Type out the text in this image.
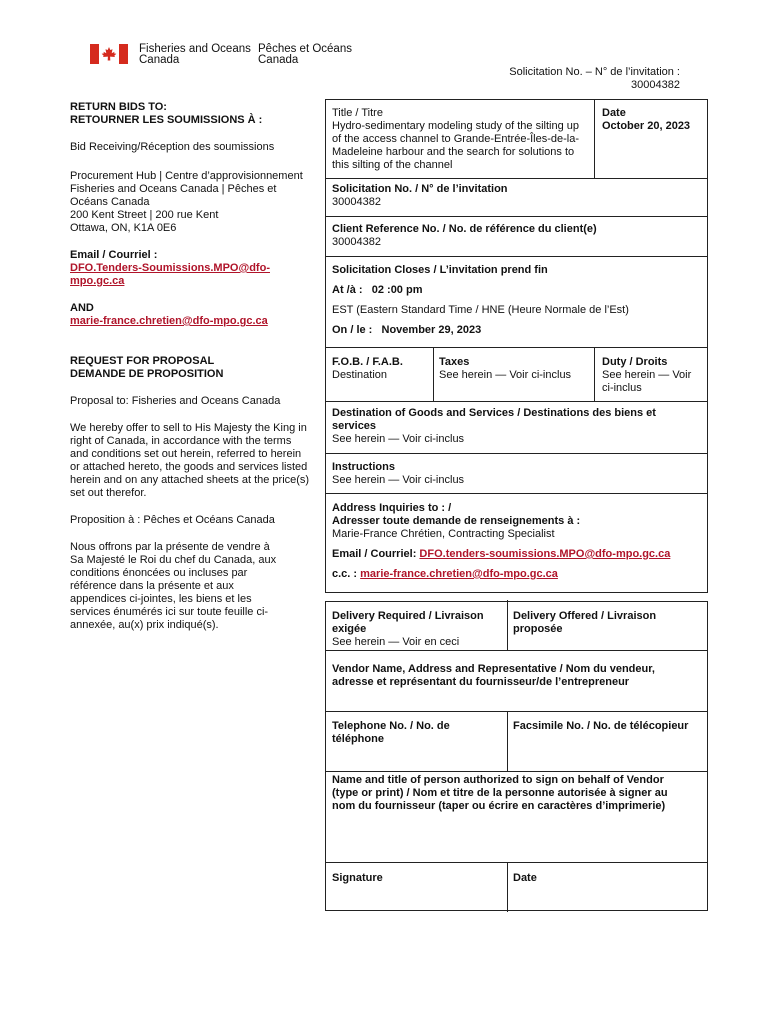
Fisheries and Oceans
Canada
Pêches et Océans
Canada
Solicitation No. – N° de l’invitation :
30004382
RETURN BIDS TO:
RETOURNER LES SOUMISSIONS À :
Bid Receiving/Réception des soumissions
Procurement Hub | Centre d’approvisionnement
Fisheries and Oceans Canada | Pêches et
Océans Canada
200 Kent Street | 200 rue Kent
Ottawa, ON, K1A 0E6
Email / Courriel :
DFO.Tenders-Soumissions.MPO@dfo-
mpo.gc.ca
AND
marie-france.chretien@dfo-mpo.gc.ca
REQUEST FOR PROPOSAL
DEMANDE DE PROPOSITION
Proposal to: Fisheries and Oceans Canada
We hereby offer to sell to His Majesty the King in
right of Canada, in accordance with the terms
and conditions set out herein, referred to herein
or attached hereto, the goods and services listed
herein and on any attached sheets at the price(s)
set out therefor.
Proposition à : Pêches et Océans Canada
Nous offrons par la présente de vendre à
Sa Majesté le Roi du chef du Canada, aux
conditions énoncées ou incluses par
référence dans la présente et aux
appendices ci-jointes, les biens et les
services énumérés ici sur toute feuille ci-
annexée, au(x) prix indiqué(s).
Title / Titre
Hydro-sedimentary modeling study of the silting up
of the access channel to Grande-Entrée-Îles-de-la-
Madeleine harbour and the search for solutions to
this silting of the channel
Date
October 20, 2023
Solicitation No. / N° de l’invitation
30004382
Client Reference No. / No. de référence du client(e)
30004382
Solicitation Closes / L’invitation prend fin
At /à : 02 :00 pm
EST (Eastern Standard Time / HNE (Heure Normale de l’Est)
On / le : November 29, 2023
F.O.B. / F.A.B.
Destination
Taxes
See herein — Voir ci-inclus
Duty / Droits
See herein — Voir
ci-inclus
Destination of Goods and Services / Destinations des biens et
services
See herein — Voir ci-inclus
Instructions
See herein — Voir ci-inclus
Address Inquiries to : /
Adresser toute demande de renseignements à :
Marie-France Chrétien, Contracting Specialist
Email / Courriel: DFO.tenders-soumissions.MPO@dfo-mpo.gc.ca
c.c. : marie-france.chretien@dfo-mpo.gc.ca
Delivery Required / Livraison
exigée
See herein — Voir en ceci
Delivery Offered / Livraison
proposée
Vendor Name, Address and Representative / Nom du vendeur,
adresse et représentant du fournisseur/de l’entrepreneur
Telephone No. / No. de
téléphone
Facsimile No. / No. de télécopieur
Name and title of person authorized to sign on behalf of Vendor
(type or print) / Nom et titre de la personne autorisée à signer au
nom du fournisseur (taper ou écrire en caractères d’imprimerie)
Signature	Date
